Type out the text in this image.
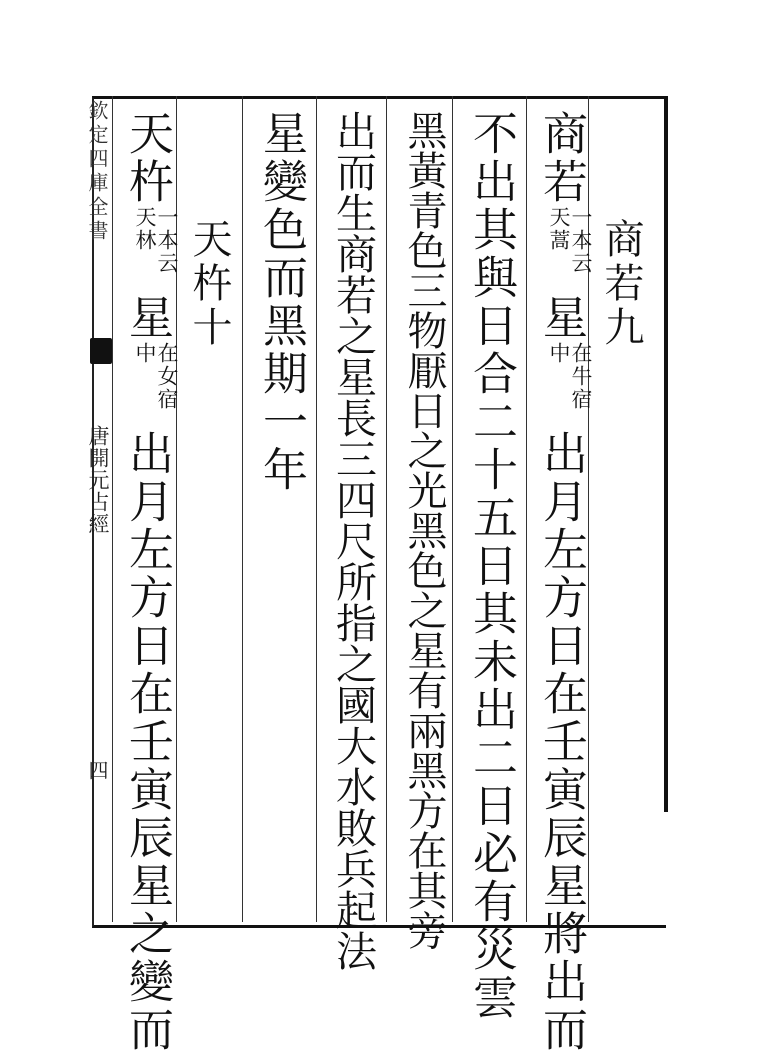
欽定四庫全書
唐開元占經
四
商若九
商若一本云天蒿星在牛宿中出月左方日在壬寅辰星將出而
不出其與日合二十五日其未出二日必有災雲
黑黃青色三物厭日之光黑色之星有兩黑方在其旁
出而生商若之星長三四尺所指之國大水敗兵起法
星變色而黑期一年
天杵十
天杵一本云天林星在女宿中出月左方日在壬寅辰星之變而
